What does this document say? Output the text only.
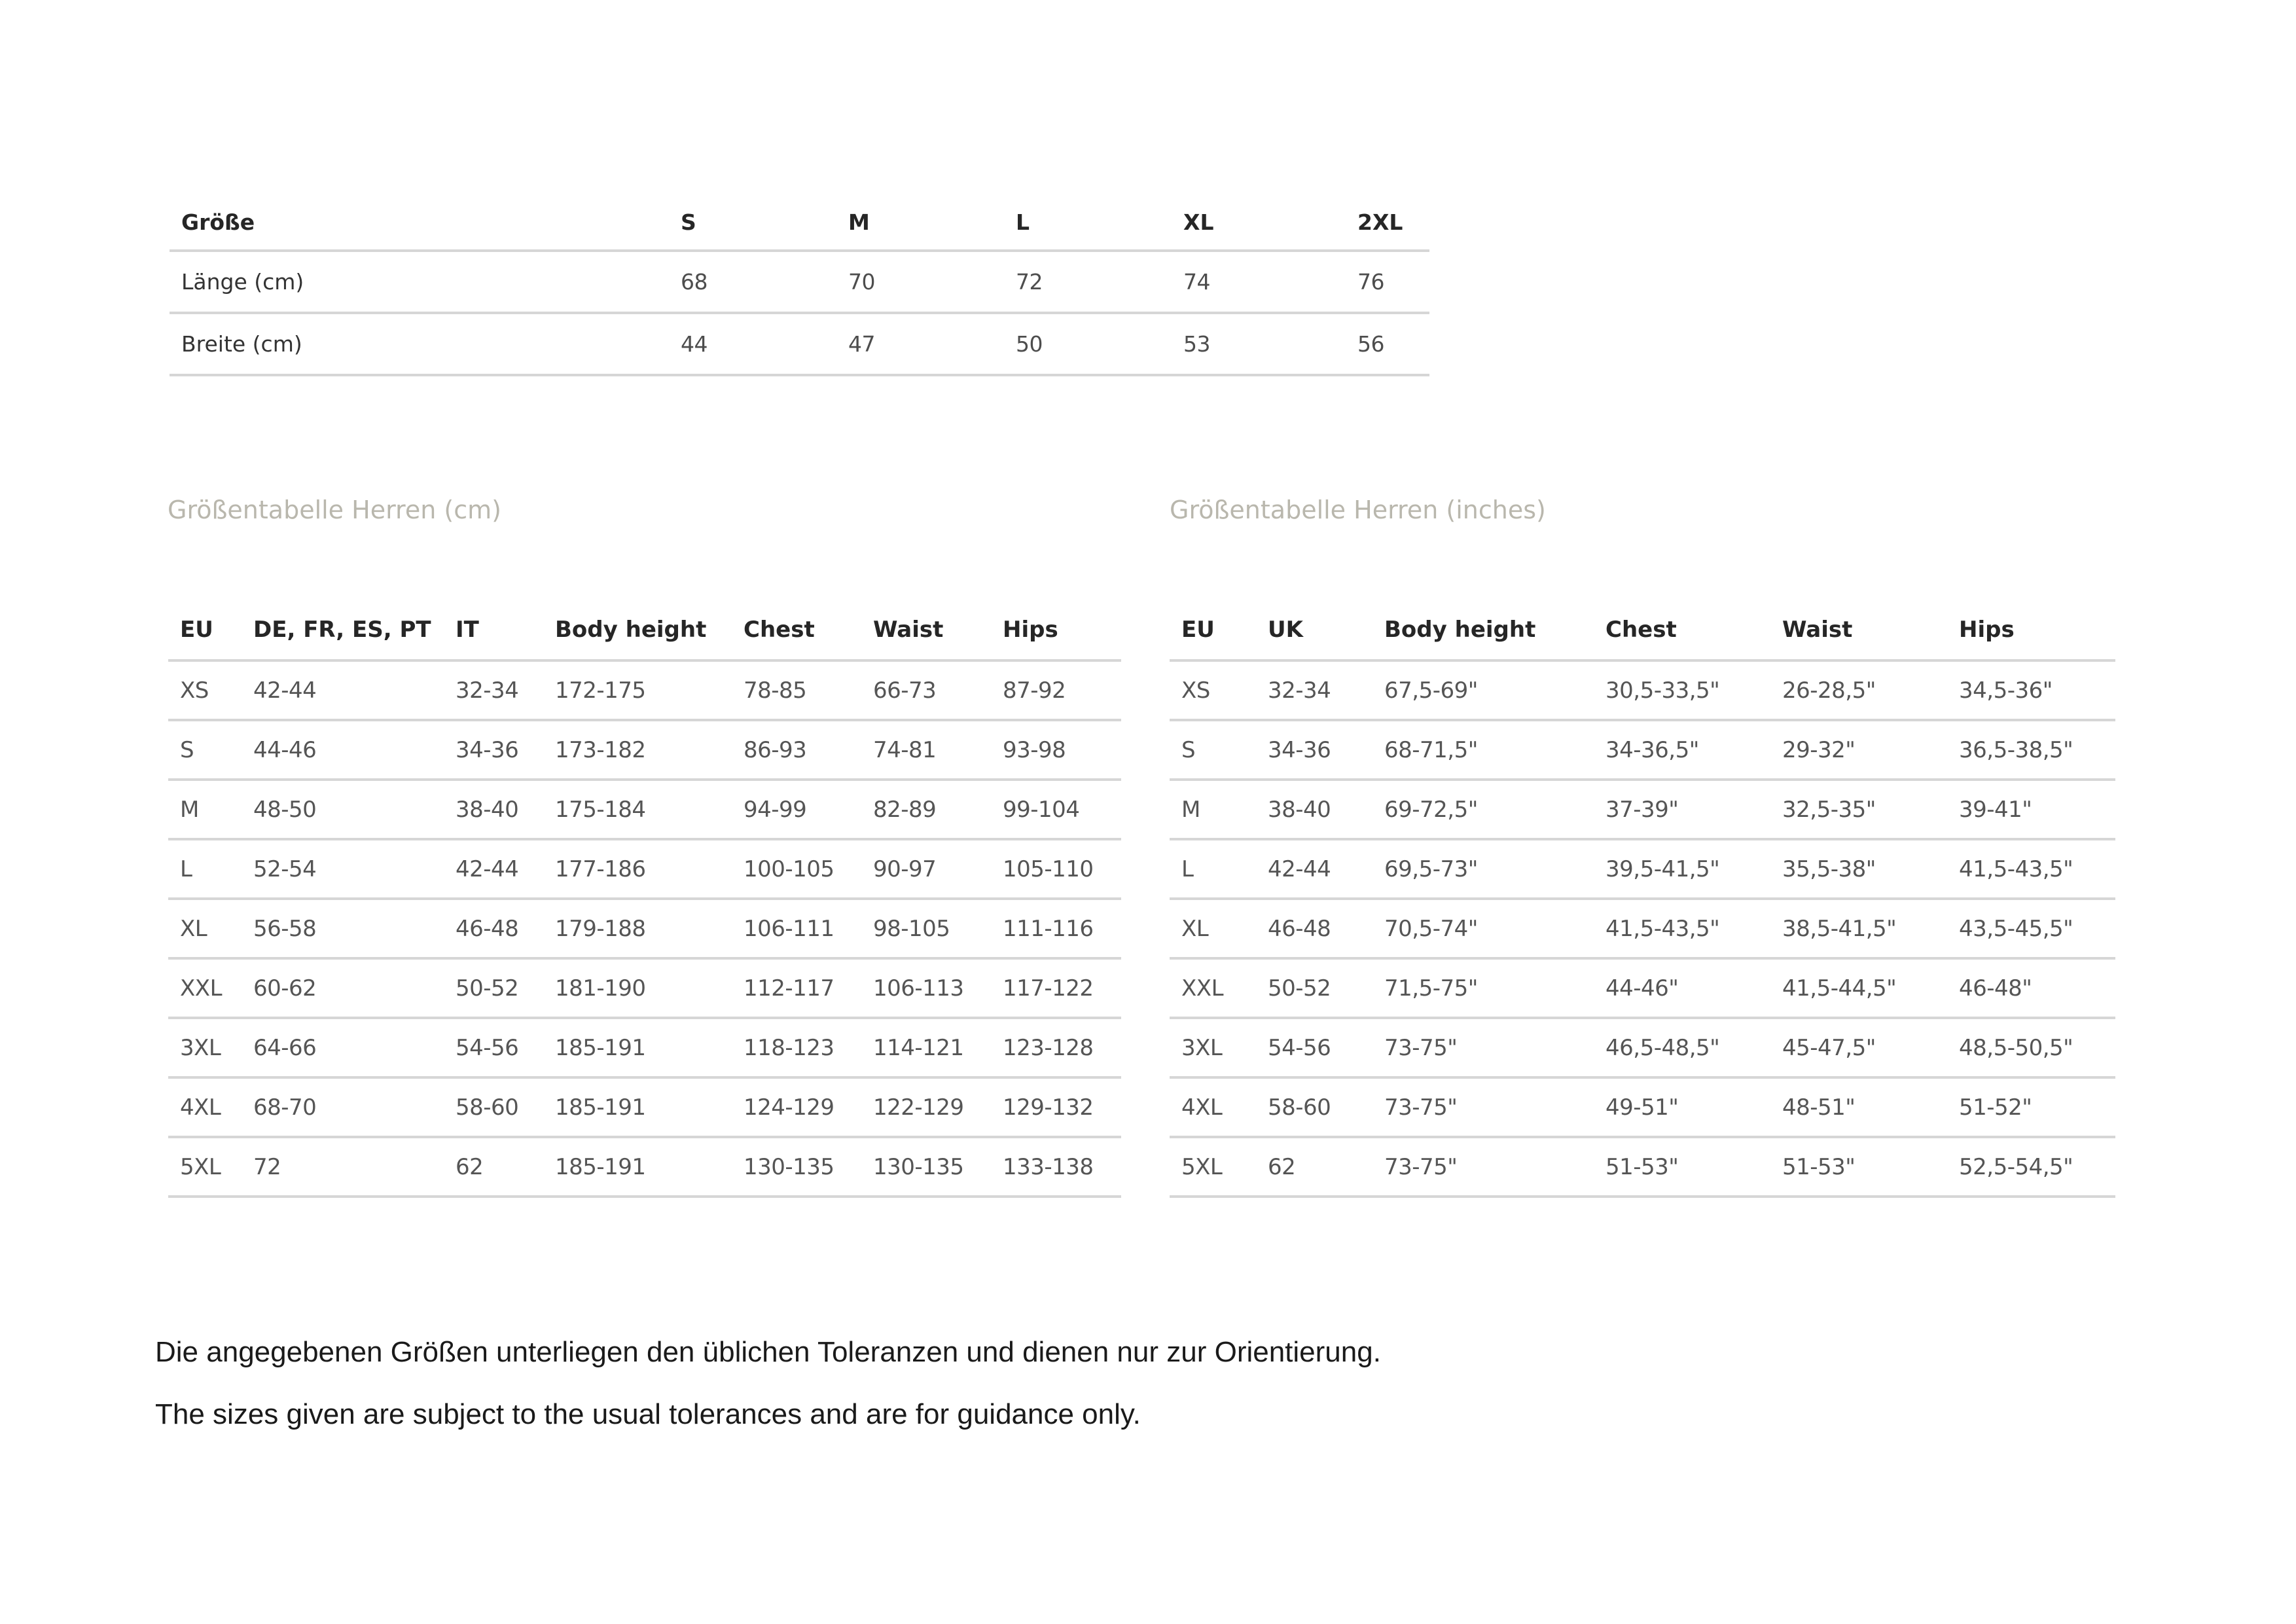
Größe	S	M	L	XL	2XL
Länge (cm)	68	70	72	74	76
Breite (cm)	44	47	50	53	56
Größentabelle Herren (cm)	Größentabelle Herren (inches)
EU	DE, FR, ES, PT	IT	Body height	Chest	Waist	Hips
XS	42-44	32-34	172-175	78-85	66-73	87-92
S	44-46	34-36	173-182	86-93	74-81	93-98
M	48-50	38-40	175-184	94-99	82-89	99-104
L	52-54	42-44	177-186	100-105	90-97	105-110
XL	56-58	46-48	179-188	106-111	98-105	111-116
XXL	60-62	50-52	181-190	112-117	106-113	117-122
3XL	64-66	54-56	185-191	118-123	114-121	123-128
4XL	68-70	58-60	185-191	124-129	122-129	129-132
5XL	72	62	185-191	130-135	130-135	133-138
EU	UK	Body height	Chest	Waist	Hips
XS	32-34	67,5-69"	30,5-33,5"	26-28,5"	34,5-36"
S	34-36	68-71,5"	34-36,5"	29-32"	36,5-38,5"
M	38-40	69-72,5"	37-39"	32,5-35"	39-41"
L	42-44	69,5-73"	39,5-41,5"	35,5-38"	41,5-43,5"
XL	46-48	70,5-74"	41,5-43,5"	38,5-41,5"	43,5-45,5"
XXL	50-52	71,5-75"	44-46"	41,5-44,5"	46-48"
3XL	54-56	73-75"	46,5-48,5"	45-47,5"	48,5-50,5"
4XL	58-60	73-75"	49-51"	48-51"	51-52"
5XL	62	73-75"	51-53"	51-53"	52,5-54,5"
Die angegebenen Größen unterliegen den üblichen Toleranzen und dienen nur zur Orientierung.
The sizes given are subject to the usual tolerances and are for guidance only.
